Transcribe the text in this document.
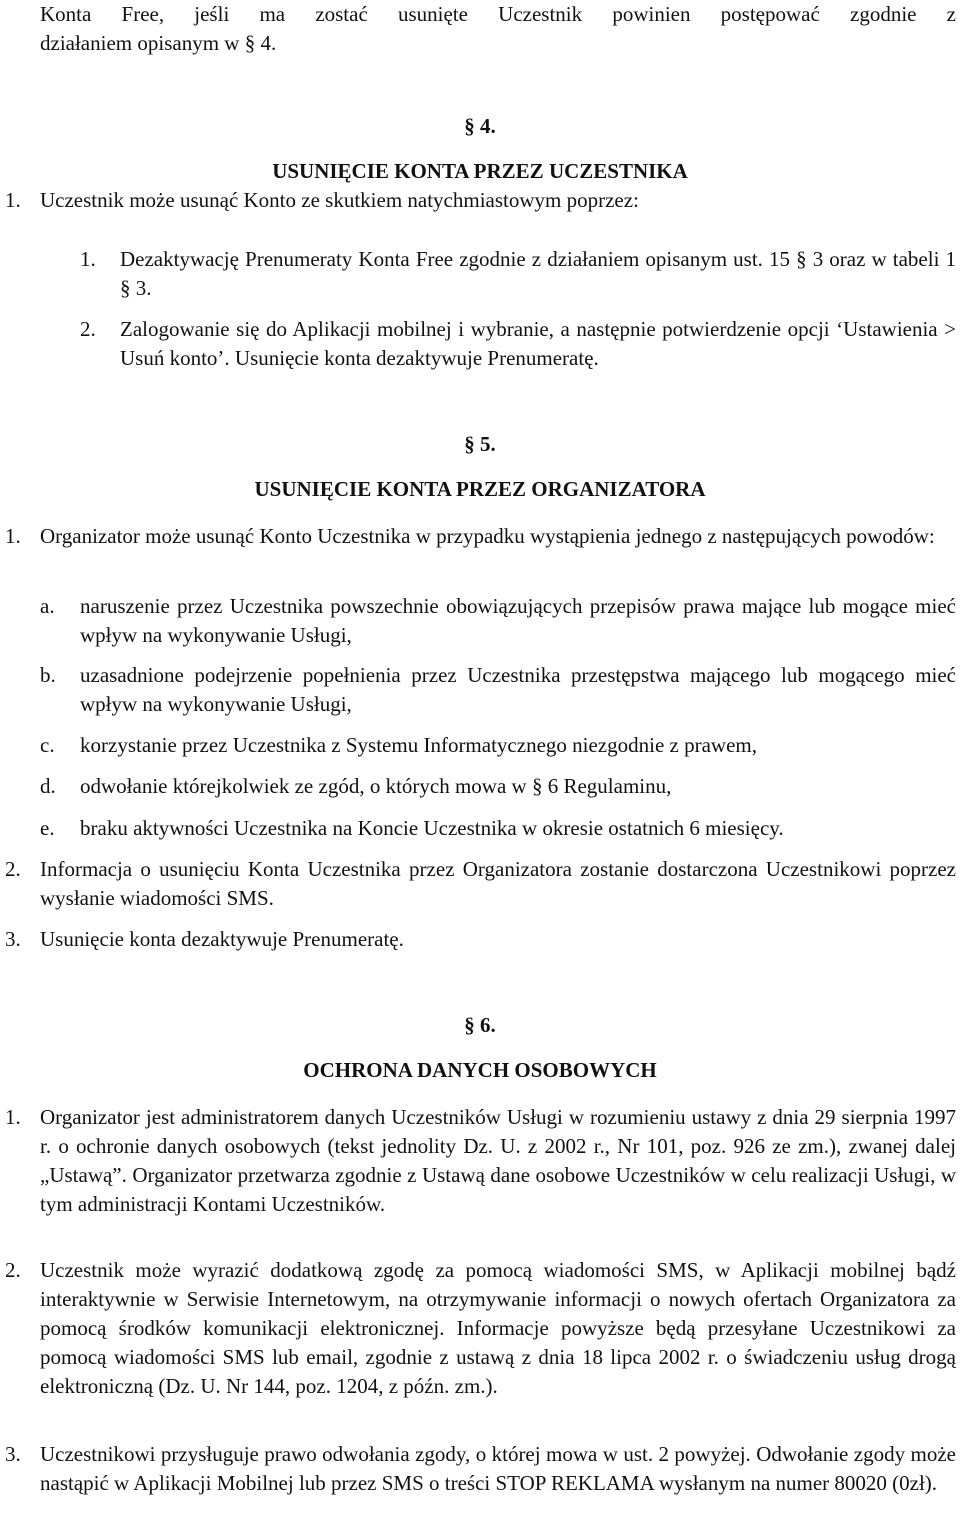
Konta Free, jeśli ma zostać usunięte Uczestnik powinien postępować zgodnie z

działaniem opisanym w § 4.

§ 4.

USUNIĘCIE KONTA PRZEZ UCZESTNIKA

1. Uczestnik może usunąć Konto ze skutkiem natychmiastowym poprzez:

1. Dezaktywację Prenumeraty Konta Free zgodnie z działaniem opisanym ust. 15 § 3 oraz w tabeli 1 § 3.

2. Zalogowanie się do Aplikacji mobilnej i wybranie, a następnie potwierdzenie opcji ‘Ustawienia > Usuń konto’. Usunięcie konta dezaktywuje Prenumeratę.

§ 5.

USUNIĘCIE KONTA PRZEZ ORGANIZATORA

1. Organizator może usunąć Konto Uczestnika w przypadku wystąpienia jednego z następujących powodów:

a. naruszenie przez Uczestnika powszechnie obowiązujących przepisów prawa mające lub mogące mieć wpływ na wykonywanie Usługi,

b. uzasadnione podejrzenie popełnienia przez Uczestnika przestępstwa mającego lub mogącego mieć wpływ na wykonywanie Usługi,

c. korzystanie przez Uczestnika z Systemu Informatycznego niezgodnie z prawem,

d. odwołanie którejkolwiek ze zgód, o których mowa w § 6 Regulaminu,

e. braku aktywności Uczestnika na Koncie Uczestnika w okresie ostatnich 6 miesięcy.

2. Informacja o usunięciu Konta Uczestnika przez Organizatora zostanie dostarczona Uczestnikowi poprzez wysłanie wiadomości SMS.

3. Usunięcie konta dezaktywuje Prenumeratę.

§ 6.

OCHRONA DANYCH OSOBOWYCH

1. Organizator jest administratorem danych Uczestników Usługi w rozumieniu ustawy z dnia 29 sierpnia 1997 r. o ochronie danych osobowych (tekst jednolity Dz. U. z 2002 r., Nr 101, poz. 926 ze zm.), zwanej dalej „Ustawą”. Organizator przetwarza zgodnie z Ustawą dane osobowe Uczestników w celu realizacji Usługi, w tym administracji Kontami Uczestników.

2. Uczestnik może wyrazić dodatkową zgodę za pomocą wiadomości SMS, w Aplikacji mobilnej bądź interaktywnie w Serwisie Internetowym, na otrzymywanie informacji o nowych ofertach Organizatora za pomocą środków komunikacji elektronicznej. Informacje powyższe będą przesyłane Uczestnikowi za pomocą wiadomości SMS lub email, zgodnie z ustawą z dnia 18 lipca 2002 r. o świadczeniu usług drogą elektroniczną (Dz. U. Nr 144, poz. 1204, z późn. zm.).

3. Uczestnikowi przysługuje prawo odwołania zgody, o której mowa w ust. 2 powyżej. Odwołanie zgody może nastąpić w Aplikacji Mobilnej lub przez SMS o treści STOP REKLAMA wysłanym na numer 80020 (0zł).
